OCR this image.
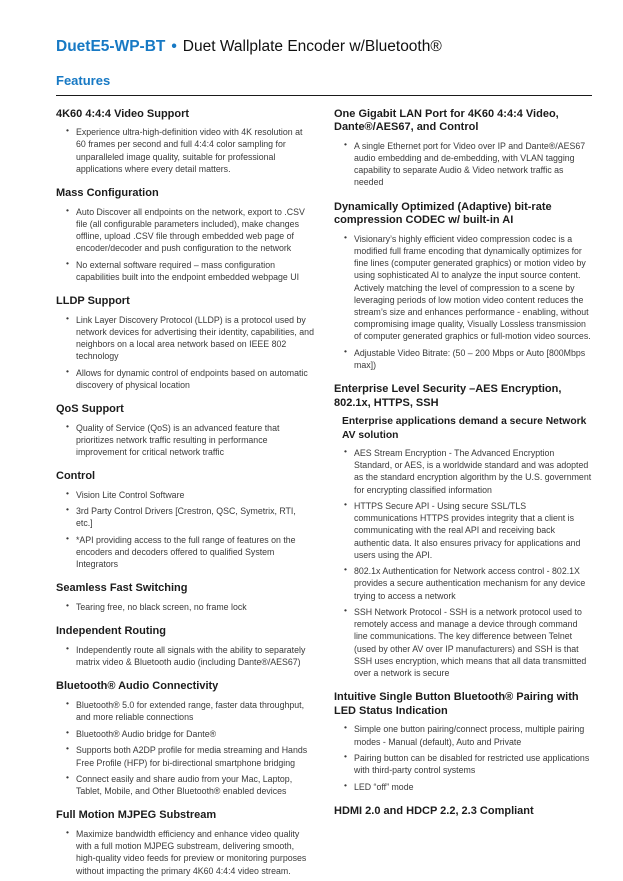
DuetE5-WP-BT • Duet Wallplate Encoder w/Bluetooth®
Features
4K60 4:4:4 Video Support
• Experience ultra-high-definition video with 4K resolution at 60 frames per second and full 4:4:4 color sampling for unparalleled image quality, suitable for professional applications where every detail matters.
Mass Configuration
• Auto Discover all endpoints on the network, export to .CSV file (all configurable parameters included), make changes offline, upload .CSV file through embedded web page of encoder/decoder and push configuration to the network
• No external software required – mass configuration capabilities built into the endpoint embedded webpage UI
LLDP Support
• Link Layer Discovery Protocol (LLDP) is a protocol used by network devices for advertising their identity, capabilities, and neighbors on a local area network based on IEEE 802 technology
• Allows for dynamic control of endpoints based on automatic discovery of physical location
QoS Support
• Quality of Service (QoS) is an advanced feature that prioritizes network traffic resulting in performance improvement for critical network traffic
Control
• Vision Lite Control Software
• 3rd Party Control Drivers [Crestron, QSC, Symetrix, RTI, etc.]
• *API providing access to the full range of features on the encoders and decoders offered to qualified System Integrators
Seamless Fast Switching
• Tearing free, no black screen, no frame lock
Independent Routing
• Independently route all signals with the ability to separately matrix video & Bluetooth audio (including Dante®/AES67)
Bluetooth® Audio Connectivity
• Bluetooth® 5.0 for extended range, faster data throughput, and more reliable connections
• Bluetooth® Audio bridge for Dante®
• Supports both A2DP profile for media streaming and Hands Free Profile (HFP) for bi-directional smartphone bridging
• Connect easily and share audio from your Mac, Laptop, Tablet, Mobile, and Other Bluetooth® enabled devices
Full Motion MJPEG Substream
• Maximize bandwidth efficiency and enhance video quality with a full motion MJPEG substream, delivering smooth, high-quality video feeds for preview or monitoring purposes without impacting the primary 4K60 4:4:4 video stream.
One Gigabit LAN Port for 4K60 4:4:4 Video, Dante®/AES67, and Control
• A single Ethernet port for Video over IP and Dante®/AES67 audio embedding and de-embedding, with VLAN tagging capability to separate Audio & Video network traffic as needed
Dynamically Optimized (Adaptive) bit-rate compression CODEC w/ built-in AI
• Visionary’s highly efficient video compression codec is a modified full frame encoding that dynamically optimizes for fine lines (computer generated graphics) or motion video by using sophisticated AI to analyze the input source content. Actively matching the level of compression to a scene by leveraging periods of low motion video content reduces the stream’s size and enhances performance - enabling, without compromising image quality, Visually Lossless transmission of computer generated graphics or full-motion video sources.
• Adjustable Video Bitrate: (50 – 200 Mbps or Auto [800Mbps max])
Enterprise Level Security –AES Encryption, 802.1x, HTTPS, SSH
Enterprise applications demand a secure Network AV solution
• AES Stream Encryption - The Advanced Encryption Standard, or AES, is a worldwide standard and was adopted as the standard encryption algorithm by the U.S. government for encrypting classified information
• HTTPS Secure API - Using secure SSL/TLS communications HTTPS provides integrity that a client is communicating with the real API and receiving back authentic data. It also ensures privacy for applications and users using the API.
• 802.1x Authentication for Network access control - 802.1X provides a secure authentication mechanism for any device trying to access a network
• SSH Network Protocol - SSH is a network protocol used to remotely access and manage a device through command line communications. The key difference between Telnet (used by other AV over IP manufacturers) and SSH is that SSH uses encryption, which means that all data transmitted over a network is secure
Intuitive Single Button Bluetooth® Pairing with LED Status Indication
• Simple one button pairing/connect process, multiple pairing modes - Manual (default), Auto and Private
• Pairing button can be disabled for restricted use applications with third-party control systems
• LED “off” mode
HDMI 2.0 and HDCP 2.2, 2.3 Compliant
